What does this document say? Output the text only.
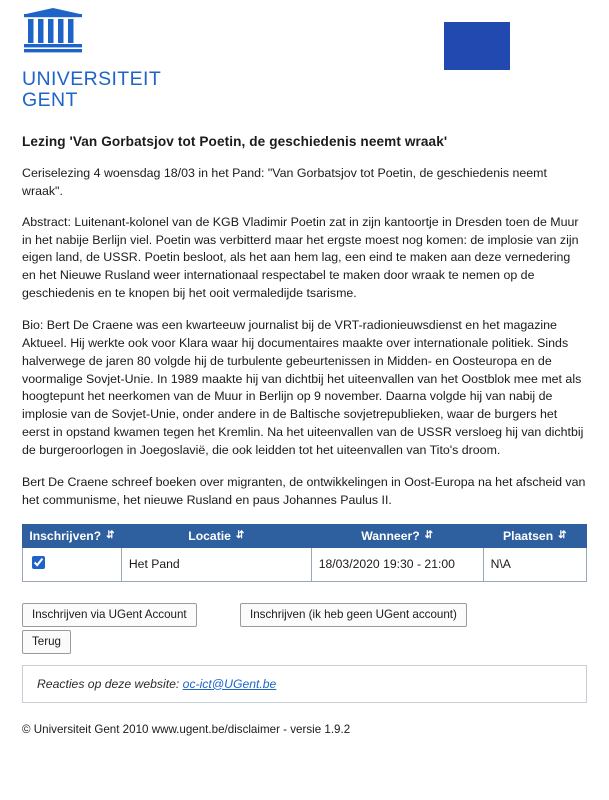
UNIVERSITEIT
GENT
Lezing 'Van Gorbatsjov tot Poetin, de geschiedenis neemt wraak'

Ceriselezing 4 woensdag 18/03 in het Pand: "Van Gorbatsjov tot Poetin, de geschiedenis neemt wraak".

Abstract: Luitenant-kolonel van de KGB Vladimir Poetin zat in zijn kantoortje in Dresden toen de Muur in het nabije Berlijn viel. Poetin was verbitterd maar het ergste moest nog komen: de implosie van zijn eigen land, de USSR. Poetin besloot, als het aan hem lag, een eind te maken aan deze vernedering en het Nieuwe Rusland weer internationaal respectabel te maken door wraak te nemen op de geschiedenis en te knopen bij het ooit vermaledijde tsarisme.

Bio: Bert De Craene was een kwarteeuw journalist bij de VRT-radionieuwsdienst en het magazine Aktueel. Hij werkte ook voor Klara waar hij documentaires maakte over internationale politiek. Sinds halverwege de jaren 80 volgde hij de turbulente gebeurtenissen in Midden- en Oosteuropa en de voormalige Sovjet-Unie. In 1989 maakte hij van dichtbij het uiteenvallen van het Oostblok mee met als hoogtepunt het neerkomen van de Muur in Berlijn op 9 november. Daarna volgde hij van nabij de implosie van de Sovjet-Unie, onder andere in de Baltische sovjetrepublieken, waar de burgers het eerst in opstand kwamen tegen het Kremlin. Na het uiteenvallen van de USSR versloeg hij van dichtbij de burgeroorlogen in Joegoslavië, die ook leidden tot het uiteenvallen van Tito's droom.

Bert De Craene schreef boeken over migranten, de ontwikkelingen in Oost-Europa na het afscheid van het communisme, het nieuwe Rusland en paus Johannes Paulus II.

Inschrijven? ⇵	Locatie ⇵	Wanneer? ⇵	Plaatsen ⇵
	Het Pand	18/03/2020 19:30 - 21:00	N\A
Inschrijven via UGent Account	Inschrijven (ik heb geen UGent account)
Terug
Reacties op deze website: oc-ict@UGent.be
© Universiteit Gent 2010 www.ugent.be/disclaimer - versie 1.9.2
